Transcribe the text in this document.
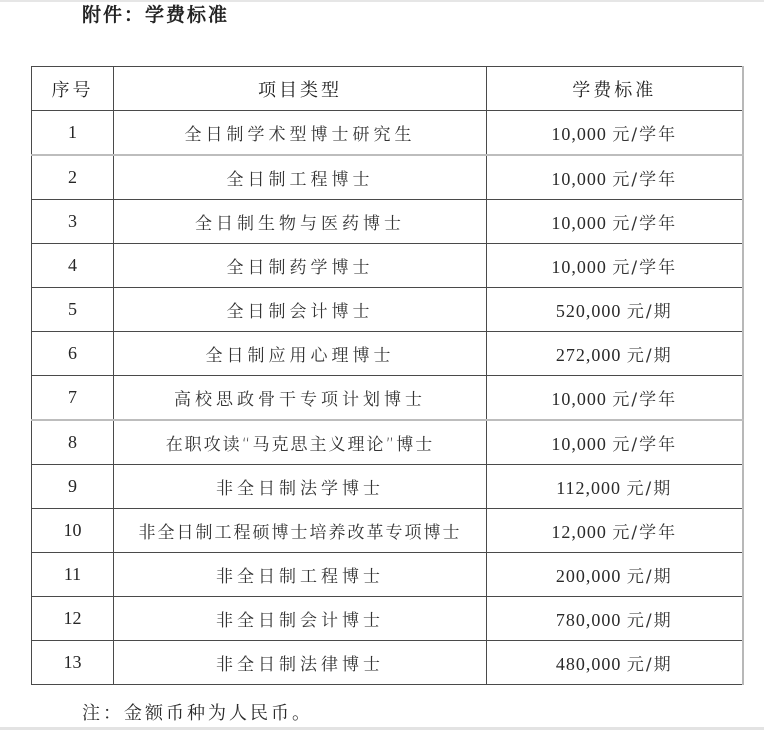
附件：学费标准
序号	项目类型	学费标准
1	全日制学术型博士研究生	10,000 元/学年
2	全日制工程博士	10,000 元/学年
3	全日制生物与医药博士	10,000 元/学年
4	全日制药学博士	10,000 元/学年
5	全日制会计博士	520,000 元/期
6	全日制应用心理博士	272,000 元/期
7	高校思政骨干专项计划博士	10,000 元/学年
8	在职攻读“马克思主义理论”博士	10,000 元/学年
9	非全日制法学博士	112,000 元/期
10	非全日制工程硕博士培养改革专项博士	12,000 元/学年
11	非全日制工程博士	200,000 元/期
12	非全日制会计博士	780,000 元/期
13	非全日制法律博士	480,000 元/期
注：金额币种为人民币。
